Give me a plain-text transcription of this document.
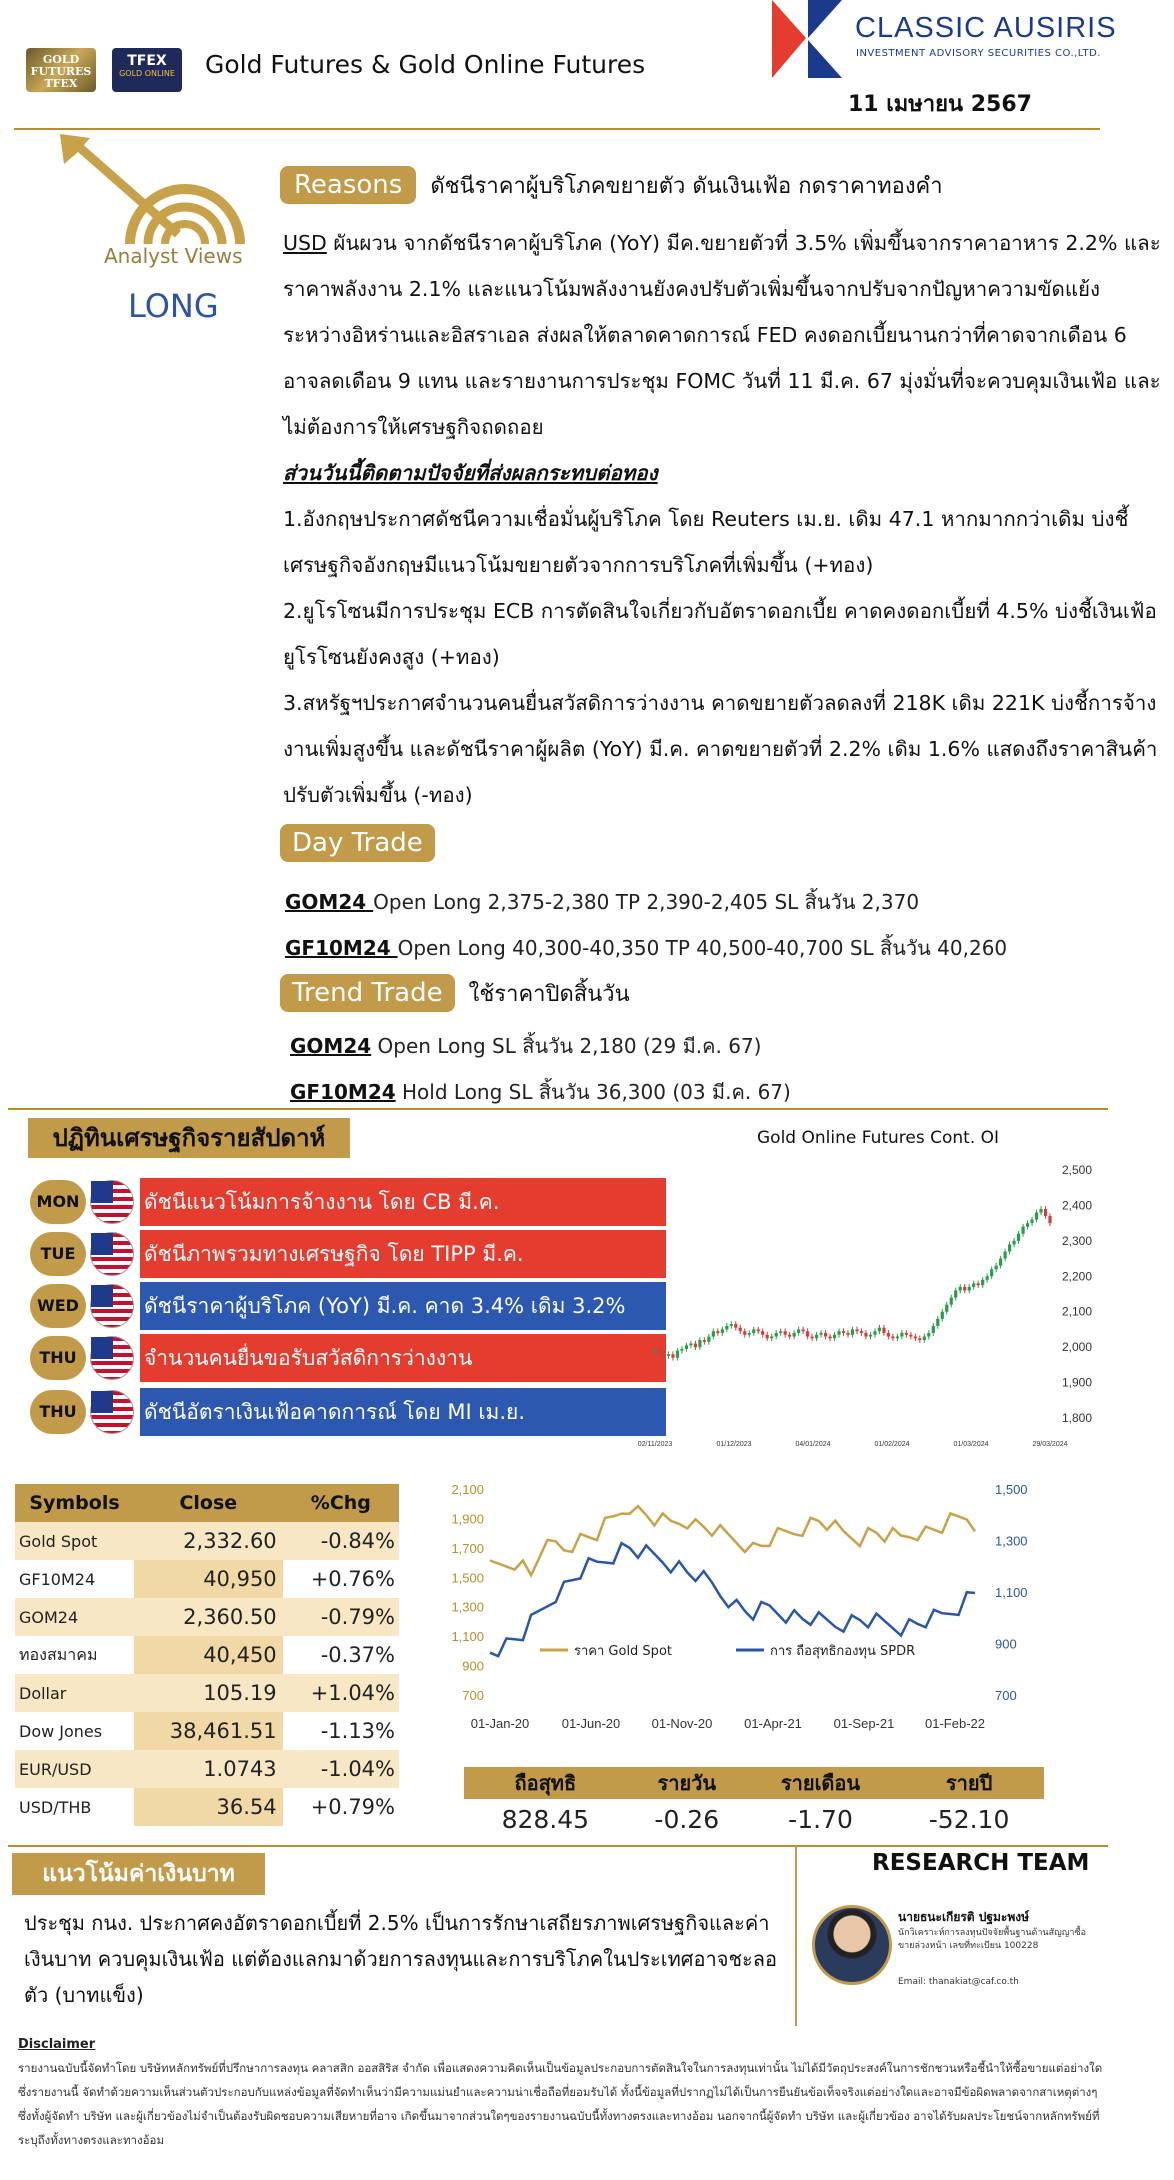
GOLD FUTURES TFEX
TFEX
GOLD ONLINE Gold Futures & Gold Online Futures
CLASSIC AUSIRIS
INVESTMENT ADVISORY SECURITIES CO.,LTD.
11 เมษายน 2567
Analyst Views
LONG
Reasons	ดัชนีราคาผู้บริโภคขยายตัว ดันเงินเฟ้อ กดราคาทองคำ

USD ผันผวน จากดัชนีราคาผู้บริโภค (YoY) มีค.ขยายตัวที่ 3.5% เพิ่มขึ้นจากราคาอาหาร 2.2% และราคาพลังงาน 2.1% และแนวโน้มพลังงานยังคงปรับตัวเพิ่มขึ้นจากปรับจากปัญหาความขัดแย้งระหว่างอิหร่านและอิสราเอล ส่งผลให้ตลาดคาดการณ์ FED คงดอกเบี้ยนานกว่าที่คาดจากเดือน 6 อาจลดเดือน 9 แทน และรายงานการประชุม FOMC วันที่ 11 มี.ค. 67 มุ่งมั่นที่จะควบคุมเงินเฟ้อ และไม่ต้องการให้เศรษฐกิจถดถอย

ส่วนวันนี้ติดตามปัจจัยที่ส่งผลกระทบต่อทอง

1.อังกฤษประกาศดัชนีความเชื่อมั่นผู้บริโภค โดย Reuters เม.ย. เดิม 47.1 หากมากกว่าเดิม บ่งชี้เศรษฐกิจอังกฤษมีแนวโน้มขยายตัวจากการบริโภคที่เพิ่มขึ้น (+ทอง)

2.ยูโรโซนมีการประชุม ECB การตัดสินใจเกี่ยวกับอัตราดอกเบี้ย คาดคงดอกเบี้ยที่ 4.5% บ่งชี้เงินเฟ้อยูโรโซนยังคงสูง (+ทอง)

3.สหรัฐฯประกาศจำนวนคนยื่นสวัสดิการว่างงาน คาดขยายตัวลดลงที่ 218K เดิม 221K บ่งชี้การจ้างงานเพิ่มสูงขึ้น และดัชนีราคาผู้ผลิต (YoY) มี.ค. คาดขยายตัวที่ 2.2% เดิม 1.6% แสดงถึงราคาสินค้าปรับตัวเพิ่มขึ้น (-ทอง)

Day Trade
GOM24 Open Long 2,375-2,380 TP 2,390-2,405 SL สิ้นวัน 2,370
GF10M24 Open Long 40,300-40,350 TP 40,500-40,700 SL สิ้นวัน 40,260
Trend Trade	ใช้ราคาปิดสิ้นวัน
GOM24 Open Long SL สิ้นวัน 2,180 (29 มี.ค. 67)
GF10M24 Hold Long SL สิ้นวัน 36,300 (03 มี.ค. 67)
ปฏิทินเศรษฐกิจรายสัปดาห์
MON	ดัชนีแนวโน้มการจ้างงาน โดย CB มี.ค.
TUE	ดัชนีภาพรวมทางเศรษฐกิจ โดย TIPP มี.ค.
WED	ดัชนีราคาผู้บริโภค (YoY) มี.ค. คาด 3.4% เดิม 3.2%
THU	จำนวนคนยื่นขอรับสวัสดิการว่างงาน
THU	ดัชนีอัตราเงินเฟ้อคาดการณ์ โดย MI เม.ย.
Gold Online Futures Cont. OI
2,500
2,400
2,300
2,200
2,100
2,000
1,900
1,800
02/11/2023	01/12/2023	04/01/2024	01/02/2024	01/03/2024	29/03/2024
Symbols	Close	%Chg
Gold Spot	2,332.60	-0.84%
GF10M24	40,950	+0.76%
GOM24	2,360.50	-0.79%
ทองสมาคม	40,450	-0.37%
Dollar	105.19	+1.04%
Dow Jones	38,461.51	-1.13%
EUR/USD	1.0743	-1.04%
USD/THB	36.54	+0.79%
2,100
1,900
1,700
1,500
1,300
1,100
900
700
1,500
1,300
1,100
900
700
ราคา Gold Spot	การ ถือสุทธิกองทุน SPDR
01-Jan-20 01-Jun-20 01-Nov-20 01-Apr-21 01-Sep-21 01-Feb-22
ถือสุทธิ	รายวัน	รายเดือน	รายปี
828.45	-0.26	-1.70	-52.10
แนวโน้มค่าเงินบาท
ประชุม กนง. ประกาศคงอัตราดอกเบี้ยที่ 2.5% เป็นการรักษาเสถียรภาพเศรษฐกิจและค่าเงินบาท ควบคุมเงินเฟ้อ แต่ต้องแลกมาด้วยการลงทุนและการบริโภคในประเทศอาจชะลอตัว (บาทแข็ง)
RESEARCH TEAM
นายธนะเกียรติ ปฐมะพงษ์
นักวิเคราะห์การลงทุนปัจจัยพื้นฐานด้านสัญญาซื้อขายล่วงหน้า เลขที่ทะเบียน 100228
Email: thanakiat@caf.co.th
Disclaimer
รายงานฉบับนี้จัดทำโดย บริษัทหลักทรัพย์ที่ปรึกษาการลงทุน คลาสสิก ออสสิริส จำกัด เพื่อแสดงความคิดเห็นเป็นข้อมูลประกอบการตัดสินใจในการลงทุนเท่านั้น ไม่ได้มีวัตถุประสงค์ในการชักชวนหรือชี้นำให้ซื้อขายแต่อย่างใด ซึ่งรายงานนี้ จัดทำด้วยความเห็นส่วนตัวประกอบกับแหล่งข้อมูลที่จัดทำเห็นว่ามีความแม่นยำและความน่าเชื่อถือที่ยอมรับได้ ทั้งนี้ข้อมูลที่ปรากฏไม่ได้เป็นการยืนยันข้อเท็จจริงแต่อย่างใดและอาจมีข้อผิดพลาดจากสาเหตุต่างๆ ซึ่งทั้งผู้จัดทำ บริษัท และผู้เกี่ยวข้องไม่จำเป็นต้องรับผิดชอบความเสียหายที่อาจ เกิดขึ้นมาจากส่วนใดๆของรายงานฉบับนี้ทั้งทางตรงและทางอ้อม นอกจากนี้ผู้จัดทำ บริษัท และผู้เกี่ยวข้อง อาจได้รับผลประโยชน์จากหลักทรัพย์ที่ระบุถึงทั้งทางตรงและทางอ้อม
